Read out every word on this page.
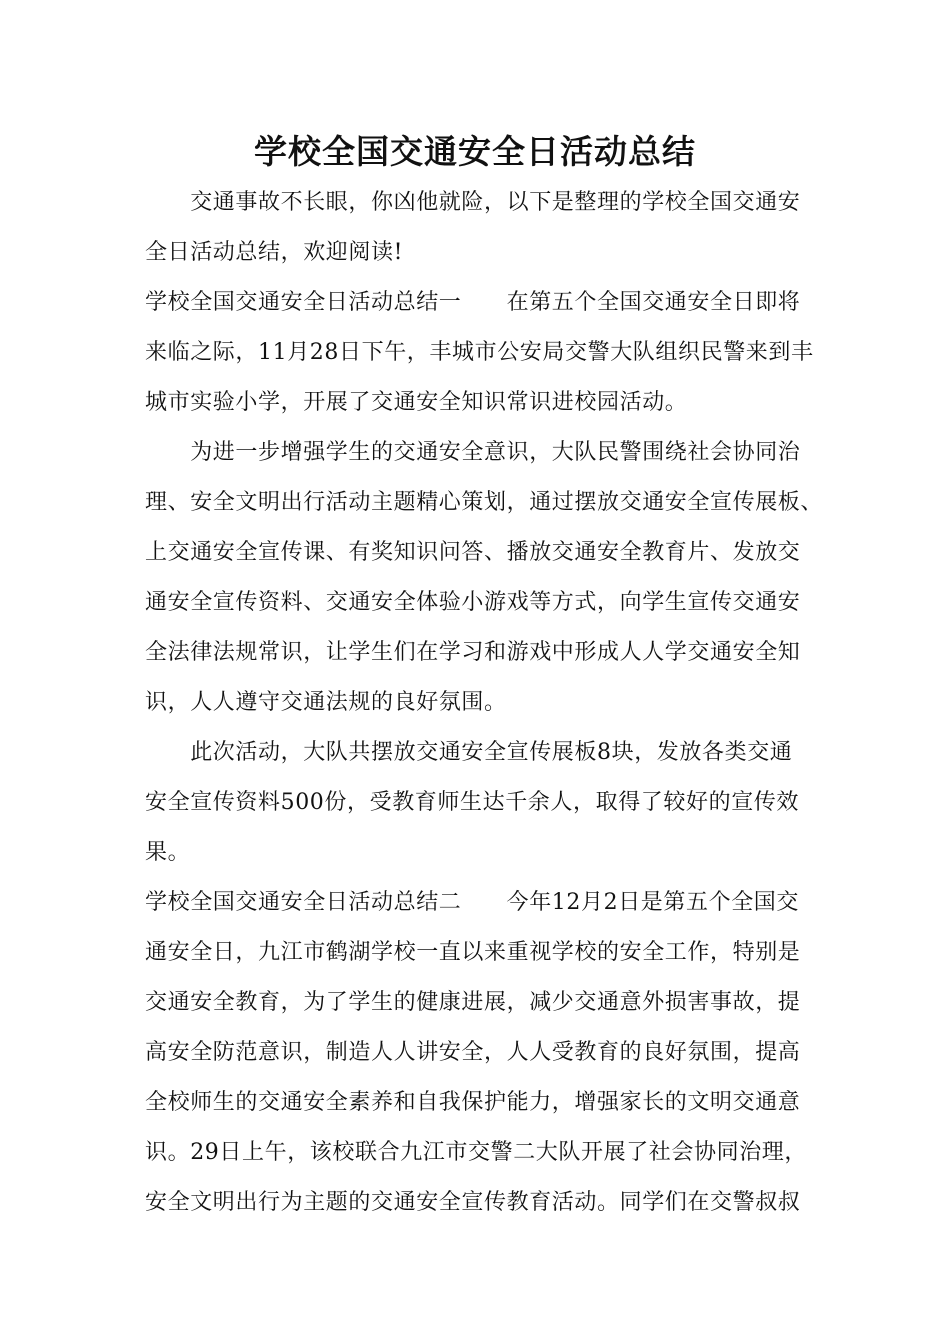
学校全国交通安全日活动总结
　　交通事故不长眼，你凶他就险，以下是整理的学校全国交通安
全日活动总结，欢迎阅读!
学校全国交通安全日活动总结一　　在第五个全国交通安全日即将
来临之际，11月28日下午，丰城市公安局交警大队组织民警来到丰
城市实验小学，开展了交通安全知识常识进校园活动。
　　为进一步增强学生的交通安全意识，大队民警围绕社会协同治
理、安全文明出行活动主题精心策划，通过摆放交通安全宣传展板、
上交通安全宣传课、有奖知识问答、播放交通安全教育片、发放交
通安全宣传资料、交通安全体验小游戏等方式，向学生宣传交通安
全法律法规常识，让学生们在学习和游戏中形成人人学交通安全知
识，人人遵守交通法规的良好氛围。
　　此次活动，大队共摆放交通安全宣传展板8块，发放各类交通
安全宣传资料500份，受教育师生达千余人，取得了较好的宣传效
果。
学校全国交通安全日活动总结二　　今年12月2日是第五个全国交
通安全日，九江市鹤湖学校一直以来重视学校的安全工作，特别是
交通安全教育，为了学生的健康进展，减少交通意外损害事故，提
高安全防范意识，制造人人讲安全，人人受教育的良好氛围，提高
全校师生的交通安全素养和自我保护能力，增强家长的文明交通意
识。29日上午，该校联合九江市交警二大队开展了社会协同治理，
安全文明出行为主题的交通安全宣传教育活动。同学们在交警叔叔
